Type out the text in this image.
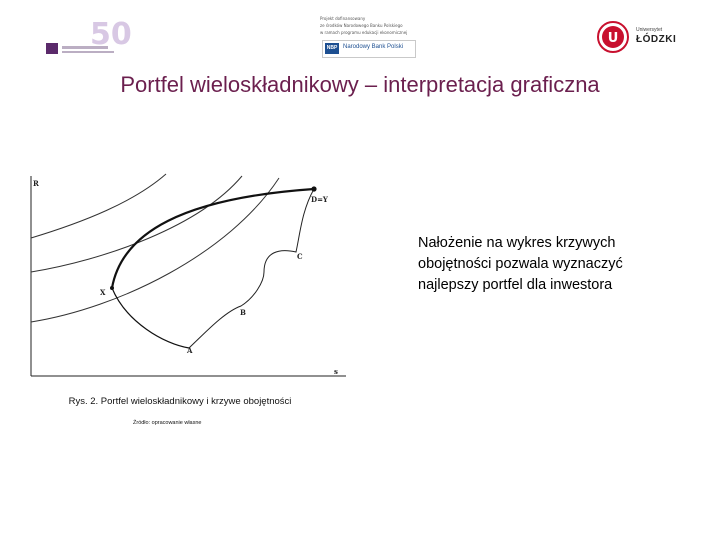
50	Projekt dofinansowany
ze środków Narodowego Banku Polskiego
w ramach programu edukacji ekonomicznej
NBP Narodowy Bank Polski
U
Uniwersytet
ŁÓDZKI
Portfel wieloskładnikowy – interpretacja graficzna
R
s
D=Y
C
X
B
A
Nałożenie na wykres krzywych obojętności pozwala wyznaczyć najlepszy portfel dla inwestora
Rys. 2. Portfel wieloskładnikowy i krzywe obojętności
Źródło: opracowanie własne
